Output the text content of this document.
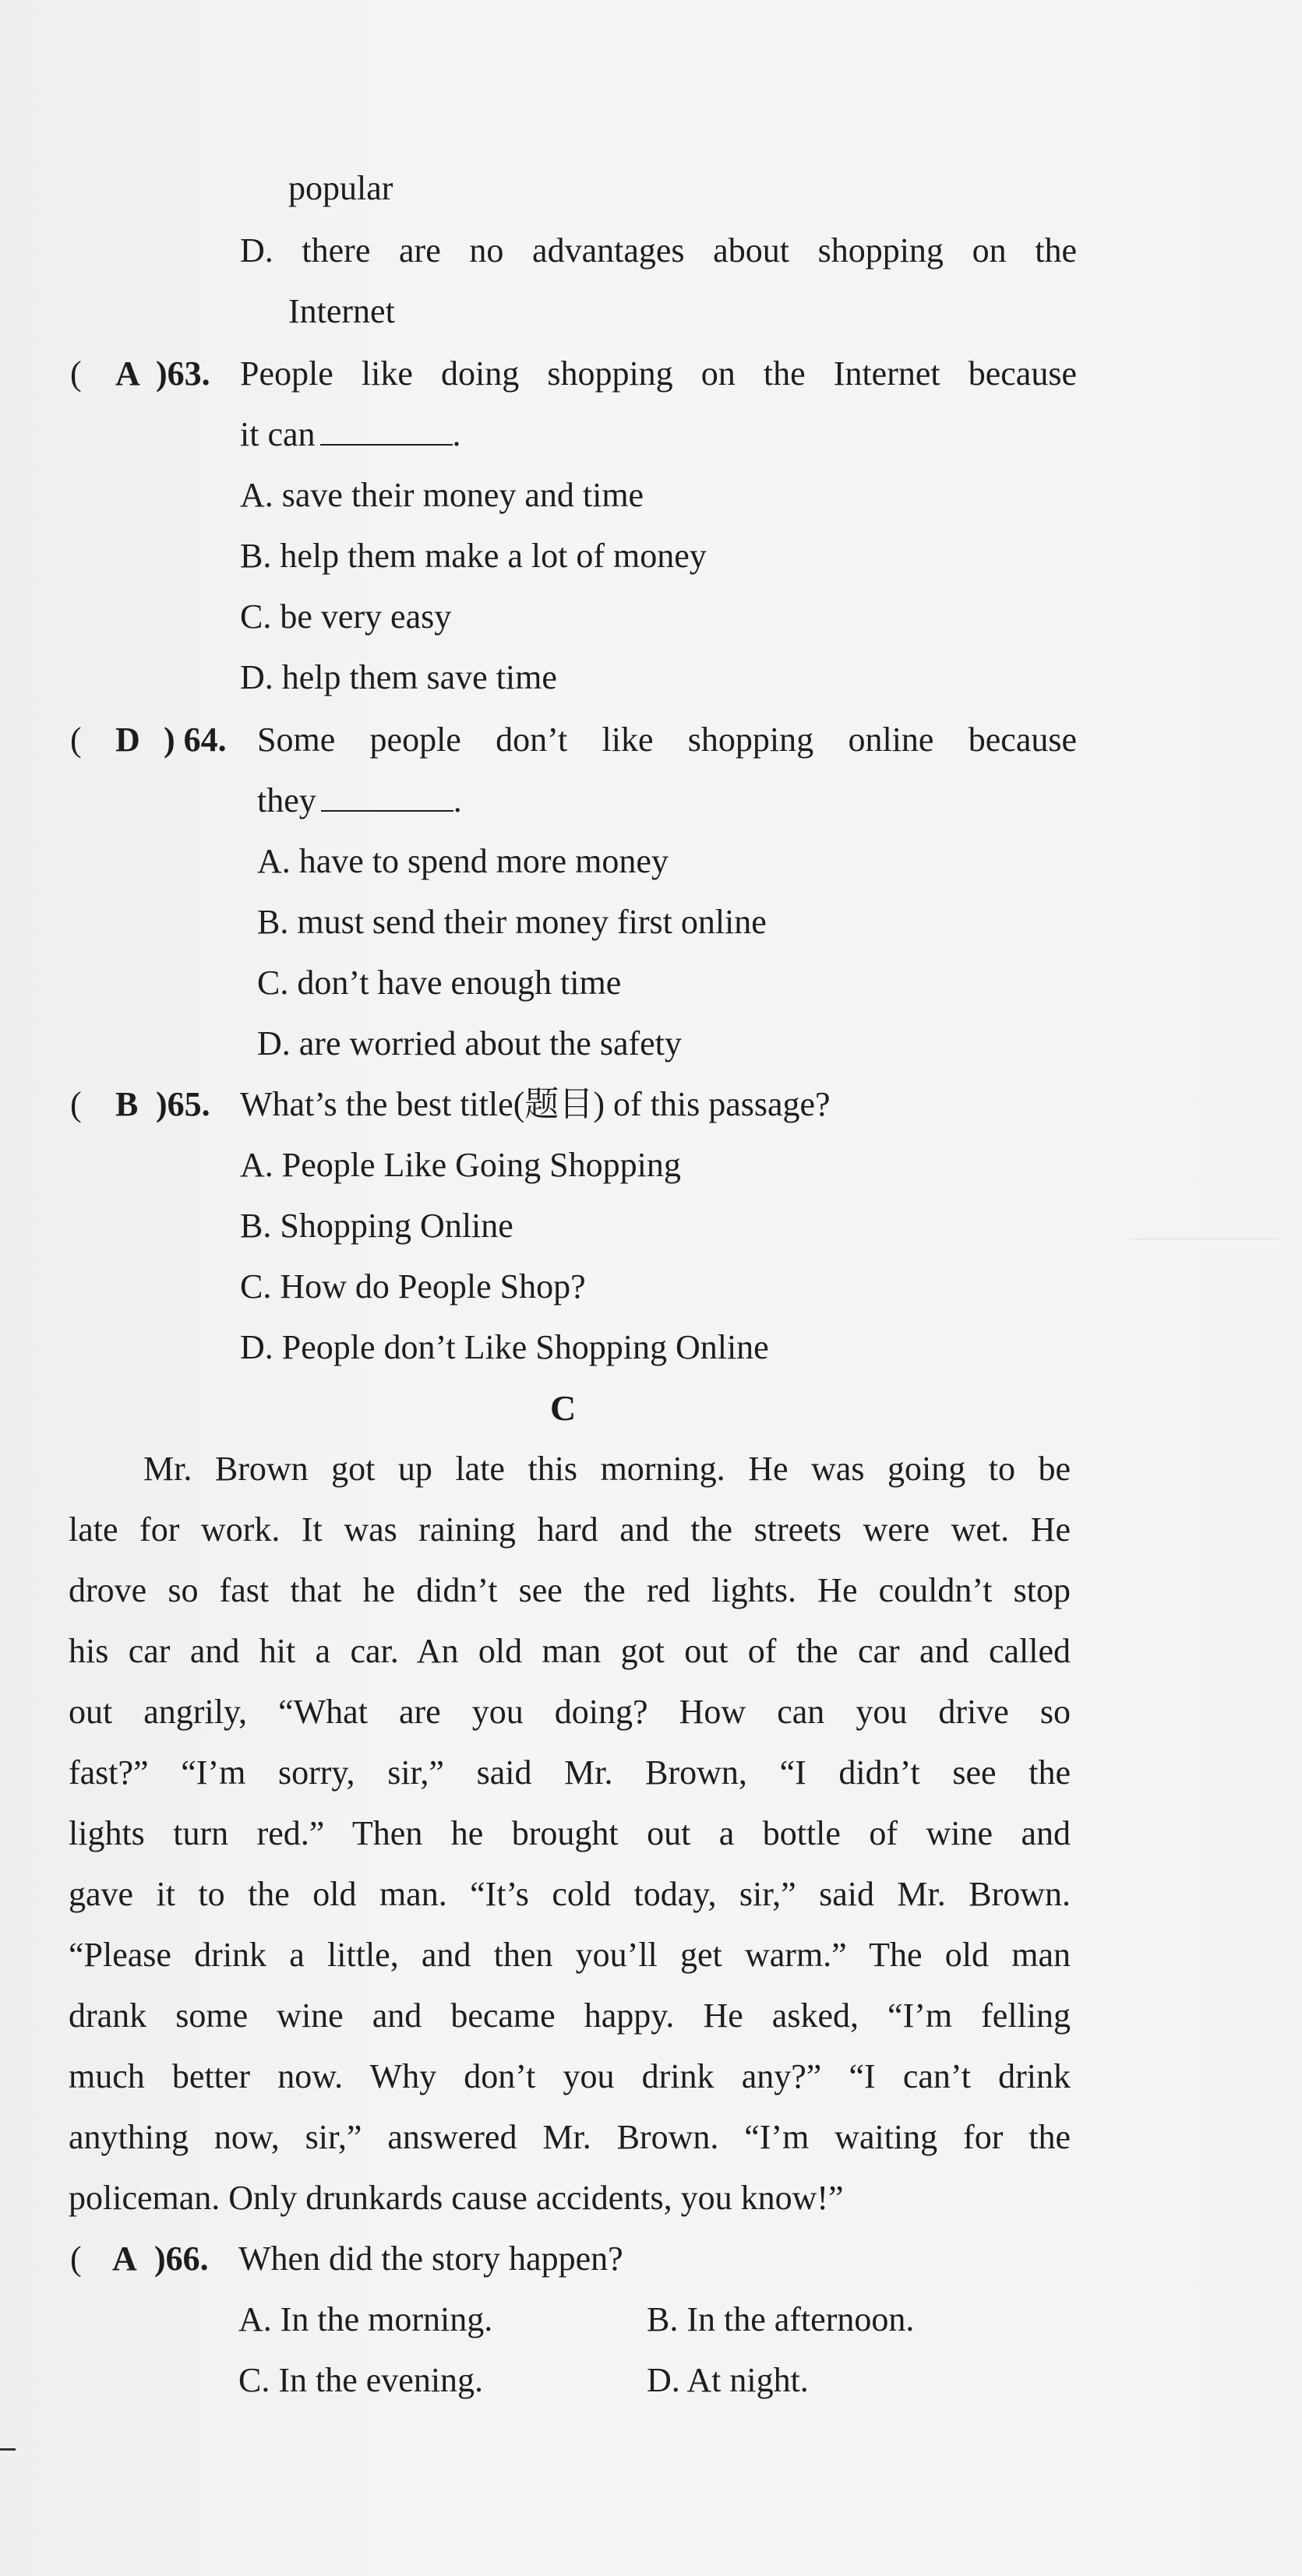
popular
D. there are no advantages about shopping on the
Internet
( A )63. People like doing shopping on the Internet because
it can	.
A. save their money and time
B. help them make a lot of money
C. be very easy
D. help them save time
( D ) 64. Some people don’t like shopping online because
they	.
A. have to spend more money
B. must send their money first online
C. don’t have enough time
D. are worried about the safety
( B )65. What’s the best title(题目) of this passage?
A. People Like Going Shopping
B. Shopping Online
C. How do People Shop?
D. People don’t Like Shopping Online
C
Mr. Brown got up late this morning. He was going to be
late for work. It was raining hard and the streets were wet. He
drove so fast that he didn’t see the red lights. He couldn’t stop
his car and hit a car. An old man got out of the car and called
out angrily, “What are you doing? How can you drive so
fast?” “I’m sorry, sir,” said Mr. Brown, “I didn’t see the
lights turn red.” Then he brought out a bottle of wine and
gave it to the old man. “It’s cold today, sir,” said Mr. Brown.
“Please drink a little, and then you’ll get warm.” The old man
drank some wine and became happy. He asked, “I’m felling
much better now. Why don’t you drink any?” “I can’t drink
anything now, sir,” answered Mr. Brown. “I’m waiting for the
policeman. Only drunkards cause accidents, you know!”
( A )66. When did the story happen?
A. In the morning.	B. In the afternoon.
C. In the evening.	D. At night.
